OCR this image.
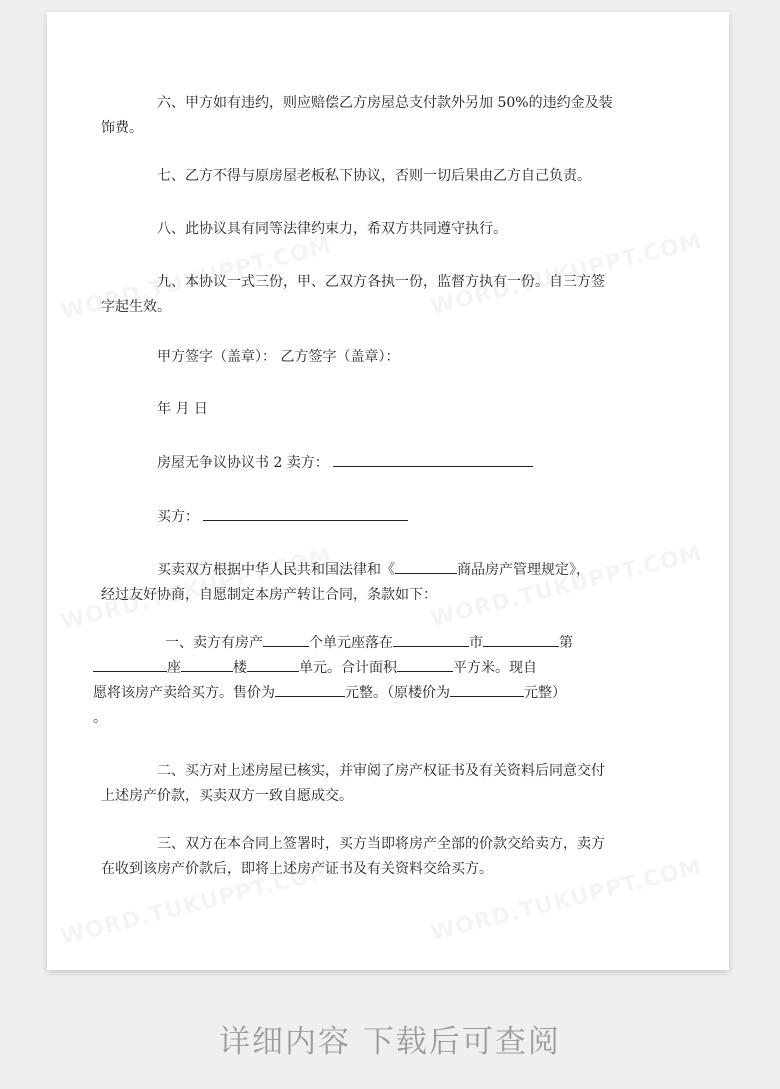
六、甲方如有违约，则应赔偿乙方房屋总支付款外另加 50%的违约金及装
饰费。

七、乙方不得与原房屋老板私下协议，否则一切后果由乙方自己负责。

八、此协议具有同等法律约束力，希双方共同遵守执行。

九、本协议一式三份，甲、乙双方各执一份，监督方执有一份。自三方签
字起生效。

甲方签字（盖章）： 乙方签字（盖章）：

年 月 日

房屋无争议协议书 2 卖方：

买方：

买卖双方根据中华人民共和国法律和《	商品房产管理规定》，
经过友好协商，自愿制定本房产转让合同，条款如下：

一、卖方有房产	个单元座落在	市	第
座	楼	单元。合计面积	平方米。现自
愿将该房产卖给买方。售价为	元整。（原楼价为	元整）
。

二、买方对上述房屋已核实，并审阅了房产权证书及有关资料后同意交付
上述房产价款，买卖双方一致自愿成交。

三、双方在本合同上签署时，买方当即将房产全部的价款交给卖方，卖方
在收到该房产价款后，即将上述房产证书及有关资料交给买方。

详细内容 下载后可查阅
